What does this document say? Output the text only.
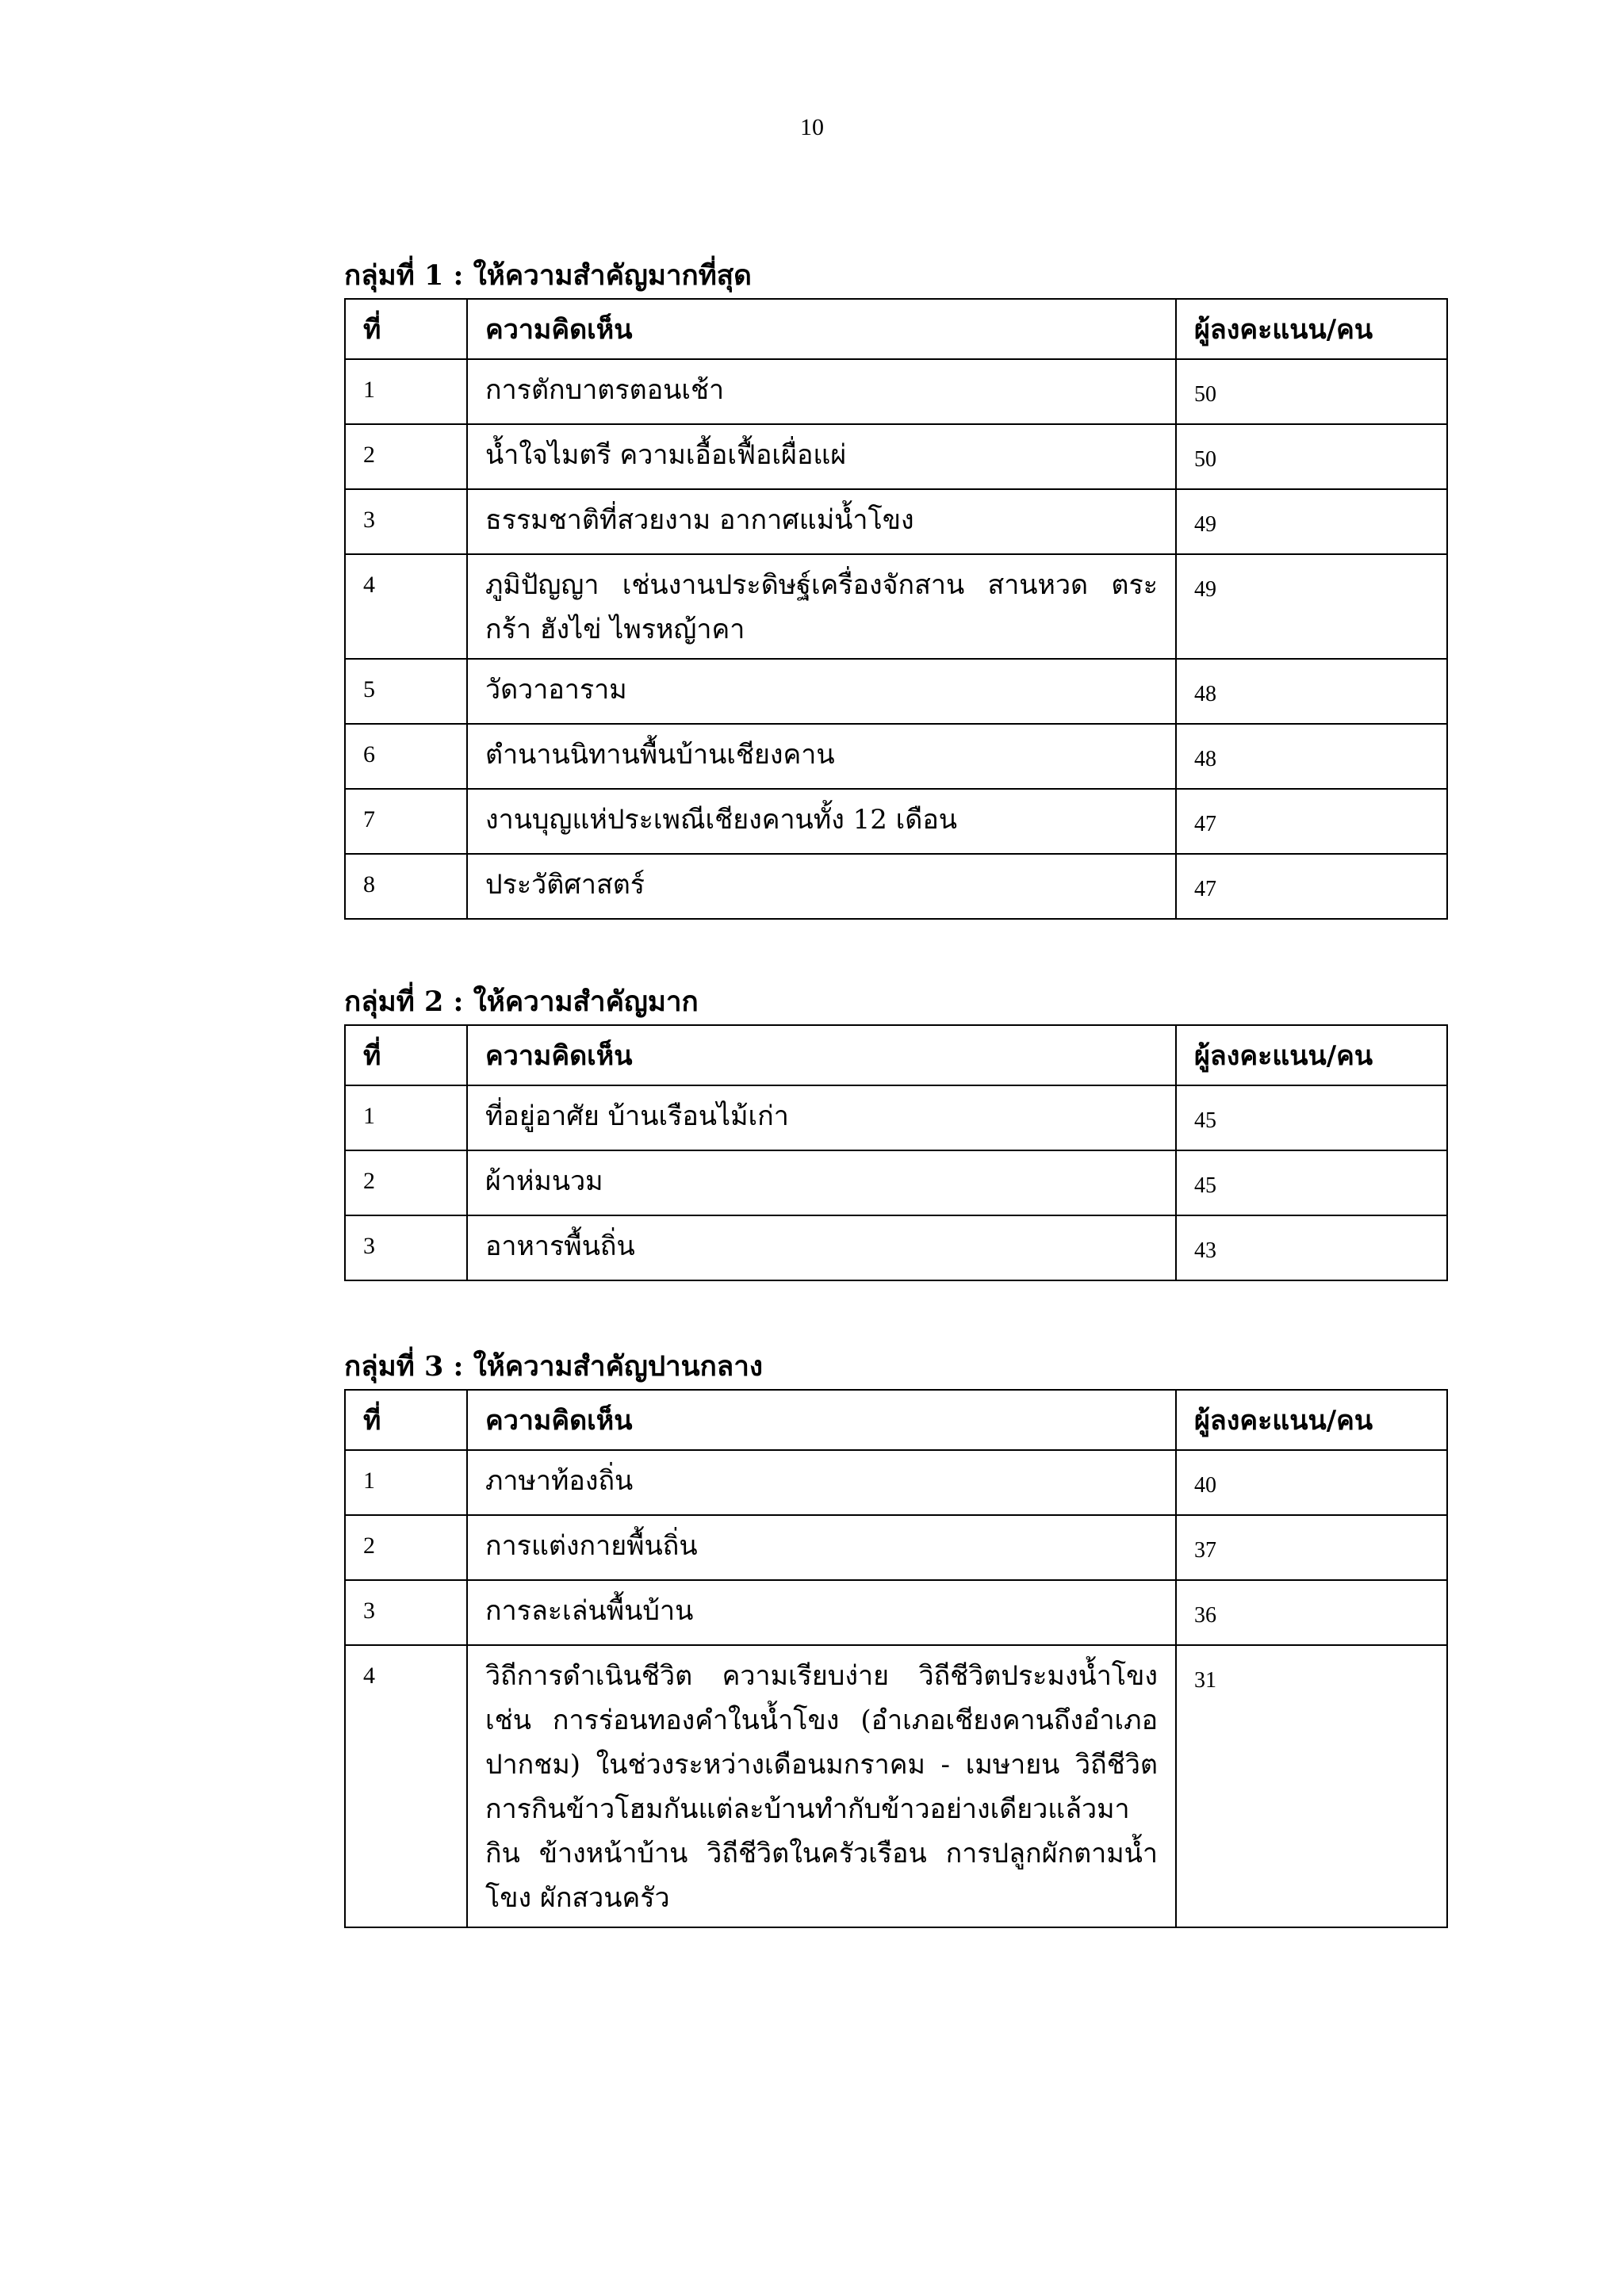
10
กลุ่มที่ 1 : ให้ความสำคัญมากที่สุด
ที่	ความคิดเห็น	ผู้ลงคะแนน/คน
1	การตักบาตรตอนเช้า	50
2	น้ำใจไมตรี ความเอื้อเฟื้อเผื่อแผ่	50
3	ธรรมชาติที่สวยงาม อากาศแม่น้ำโขง	49
4	ภูมิปัญญา เช่นงานประดิษฐ์เครื่องจักสาน สานหวด ตระกร้า ฮังไข่ ไพรหญ้าคา	49
5	วัดวาอาราม	48
6	ตำนานนิทานพื้นบ้านเชียงคาน	48
7	งานบุญแห่ประเพณีเชียงคานทั้ง 12 เดือน	47
8	ประวัติศาสตร์	47
กลุ่มที่ 2 : ให้ความสำคัญมาก
ที่	ความคิดเห็น	ผู้ลงคะแนน/คน
1	ที่อยู่อาศัย บ้านเรือนไม้เก่า	45
2	ผ้าห่มนวม	45
3	อาหารพื้นถิ่น	43
กลุ่มที่ 3 : ให้ความสำคัญปานกลาง
ที่	ความคิดเห็น	ผู้ลงคะแนน/คน
1	ภาษาท้องถิ่น	40
2	การแต่งกายพื้นถิ่น	37
3	การละเล่นพื้นบ้าน	36
4	วิถีการดำเนินชีวิต ความเรียบง่าย วิถีชีวิตประมงน้ำโขง เช่น การร่อนทองคำในน้ำโขง (อำเภอเชียงคานถึงอำเภอปากชม) ในช่วงระหว่างเดือนมกราคม - เมษายน วิถีชีวิต การกินข้าวโฮมกันแต่ละบ้านทำกับข้าวอย่างเดียวแล้วมากิน ข้างหน้าบ้าน วิถีชีวิตในครัวเรือน การปลูกผักตามน้ำโขง ผักสวนครัว	31
